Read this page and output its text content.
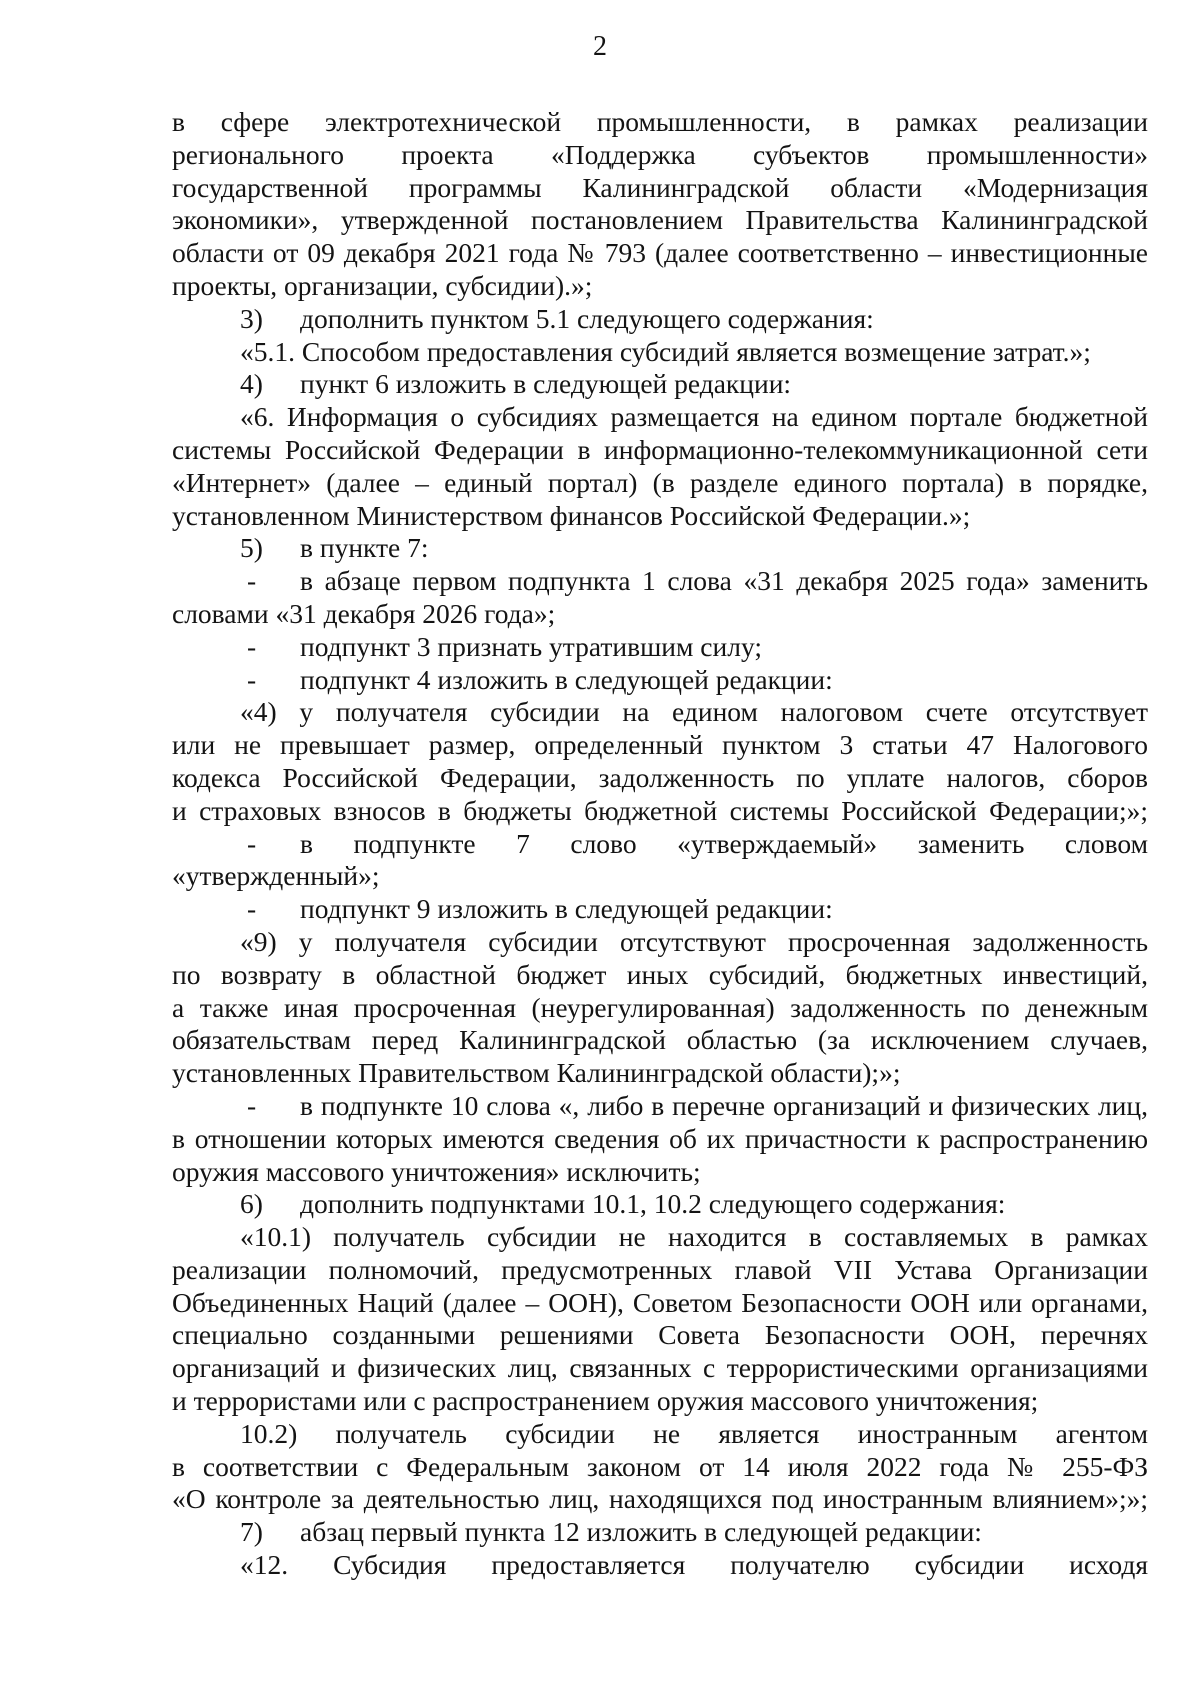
2
в сфере электротехнической промышленности, в рамках реализации
регионального проекта «Поддержка субъектов промышленности»
государственной программы Калининградской области «Модернизация
экономики», утвержденной постановлением Правительства Калининградской
области от 09 декабря 2021 года № 793 (далее соответственно – инвестиционные
проекты, организации, субсидии).»;
3) дополнить пунктом 5.1 следующего содержания:
«5.1. Способом предоставления субсидий является возмещение затрат.»;
4) пункт 6 изложить в следующей редакции:
«6. Информация о субсидиях размещается на едином портале бюджетной
системы Российской Федерации в информационно-телекоммуникационной сети
«Интернет» (далее – единый портал) (в разделе единого портала) в порядке,
установленном Министерством финансов Российской Федерации.»;
5) в пункте 7:
- в абзаце первом подпункта 1 слова «31 декабря 2025 года» заменить
словами «31 декабря 2026 года»;
- подпункт 3 признать утратившим силу;
- подпункт 4 изложить в следующей редакции:
«4) у получателя субсидии на едином налоговом счете отсутствует
или не превышает размер, определенный пунктом 3 статьи 47 Налогового
кодекса Российской Федерации, задолженность по уплате налогов, сборов
и страховых взносов в бюджеты бюджетной системы Российской Федерации;»;
- в подпункте 7 слово «утверждаемый» заменить словом
«утвержденный»;
- подпункт 9 изложить в следующей редакции:
«9) у получателя субсидии отсутствуют просроченная задолженность
по возврату в областной бюджет иных субсидий, бюджетных инвестиций,
а также иная просроченная (неурегулированная) задолженность по денежным
обязательствам перед Калининградской областью (за исключением случаев,
установленных Правительством Калининградской области);»;
- в подпункте 10 слова «, либо в перечне организаций и физических лиц,
в отношении которых имеются сведения об их причастности к распространению
оружия массового уничтожения» исключить;
6) дополнить подпунктами 10.1, 10.2 следующего содержания:
«10.1) получатель субсидии не находится в составляемых в рамках
реализации полномочий, предусмотренных главой VII Устава Организации
Объединенных Наций (далее – ООН), Советом Безопасности ООН или органами,
специально созданными решениями Совета Безопасности ООН, перечнях
организаций и физических лиц, связанных с террористическими организациями
и террористами или с распространением оружия массового уничтожения;
10.2) получатель субсидии не является иностранным агентом
в соответствии с Федеральным законом от 14 июля 2022 года № 255-ФЗ
«О контроле за деятельностью лиц, находящихся под иностранным влиянием»;»;
7) абзац первый пункта 12 изложить в следующей редакции:
«12. Субсидия предоставляется получателю субсидии исходя
